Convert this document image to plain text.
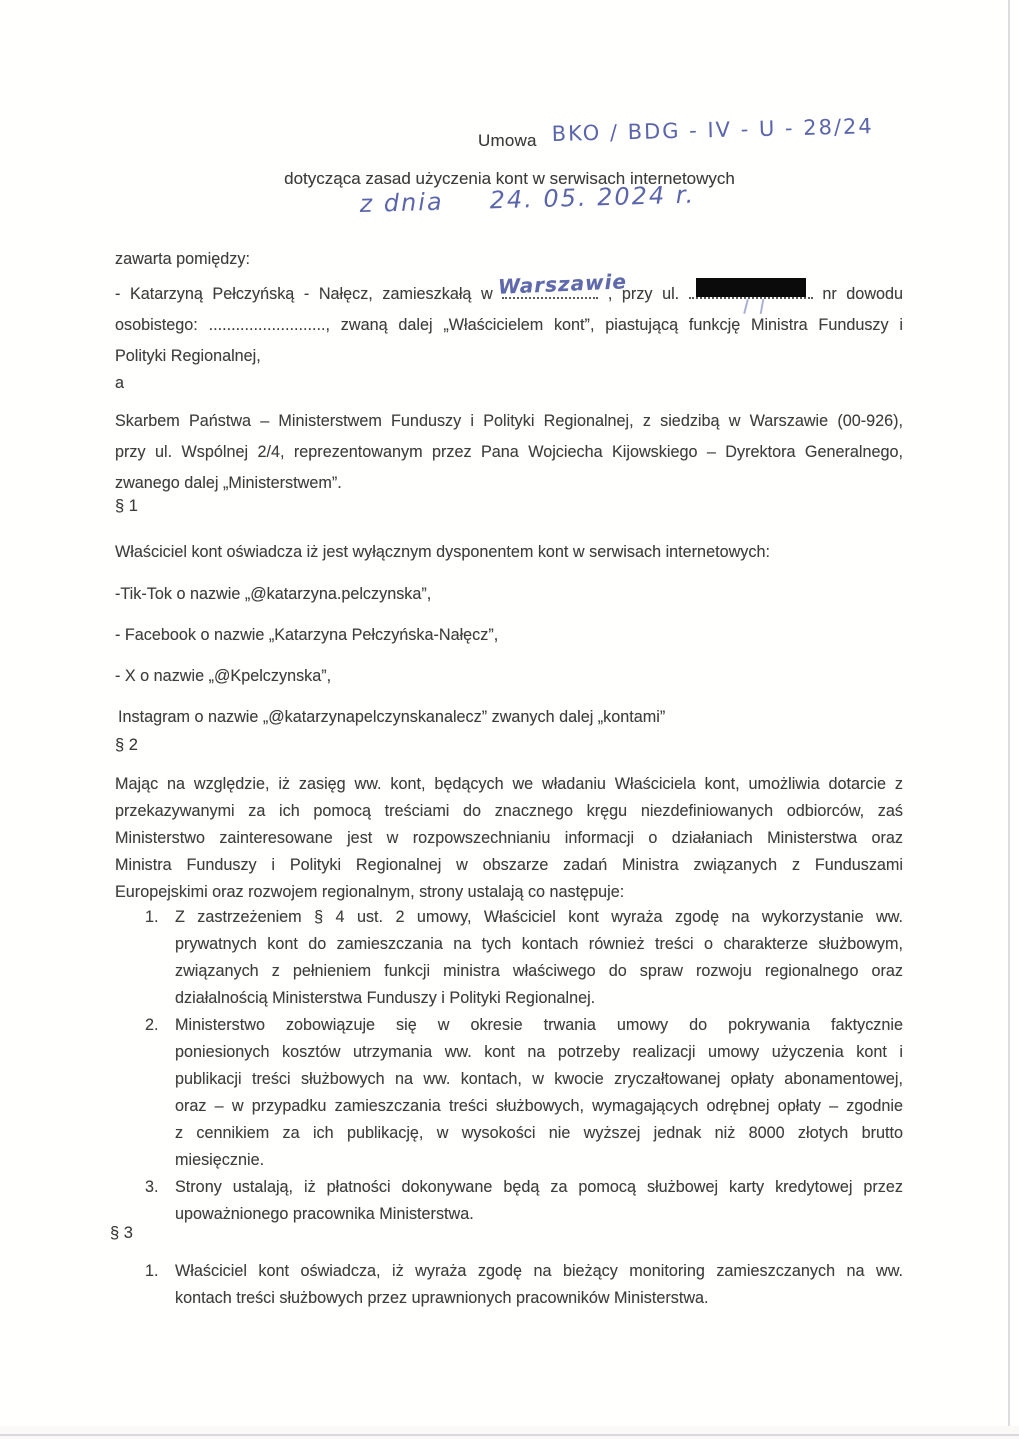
Umowa BKO / BDG - IV - U - 28/24
dotycząca zasad użyczenia kont w serwisach internetowych
z dnia 24. 05. 2024 r.
zawarta pomiędzy:
- Katarzyną Pełczyńską - Nałęcz, zamieszkałą w Warszawie
, przy ul.	nr dowodu
osobistego: .........................., zwaną dalej „Właścicielem kont”, piastującą funkcję Ministra Funduszy i
Polityki Regionalnej,
a
Skarbem Państwa – Ministerstwem Funduszy i Polityki Regionalnej, z siedzibą w Warszawie (00-926),
przy ul. Wspólnej 2/4, reprezentowanym przez Pana Wojciecha Kijowskiego – Dyrektora Generalnego,
zwanego dalej „Ministerstwem”.
§ 1
Właściciel kont oświadcza iż jest wyłącznym dysponentem kont w serwisach internetowych:
-Tik-Tok o nazwie „@katarzyna.pelczynska”,
- Facebook o nazwie „Katarzyna Pełczyńska-Nałęcz”,
- X o nazwie „@Kpelczynska”,
Instagram o nazwie „@katarzynapelczynskanalecz” zwanych dalej „kontami”
§ 2
Mając na względzie, iż zasięg ww. kont, będących we władaniu Właściciela kont, umożliwia dotarcie z
przekazywanymi za ich pomocą treściami do znacznego kręgu niezdefiniowanych odbiorców, zaś
Ministerstwo zainteresowane jest w rozpowszechnianiu informacji o działaniach Ministerstwa oraz
Ministra Funduszy i Polityki Regionalnej w obszarze zadań Ministra związanych z Funduszami
Europejskimi oraz rozwojem regionalnym, strony ustalają co następuje:
1.	Z zastrzeżeniem § 4 ust. 2 umowy, Właściciel kont wyraża zgodę na wykorzystanie ww.
prywatnych kont do zamieszczania na tych kontach również treści o charakterze służbowym,
związanych z pełnieniem funkcji ministra właściwego do spraw rozwoju regionalnego oraz
działalnością Ministerstwa Funduszy i Polityki Regionalnej.
2.	Ministerstwo zobowiązuje się w okresie trwania umowy do pokrywania faktycznie
poniesionych kosztów utrzymania ww. kont na potrzeby realizacji umowy użyczenia kont i
publikacji treści służbowych na ww. kontach, w kwocie zryczałtowanej opłaty abonamentowej,
oraz – w przypadku zamieszczania treści służbowych, wymagających odrębnej opłaty – zgodnie
z cennikiem za ich publikację, w wysokości nie wyższej jednak niż 8000 złotych brutto
miesięcznie.
3.	Strony ustalają, iż płatności dokonywane będą za pomocą służbowej karty kredytowej przez
upoważnionego pracownika Ministerstwa.
§ 3
1.	Właściciel kont oświadcza, iż wyraża zgodę na bieżący monitoring zamieszczanych na ww.
kontach treści służbowych przez uprawnionych pracowników Ministerstwa.
